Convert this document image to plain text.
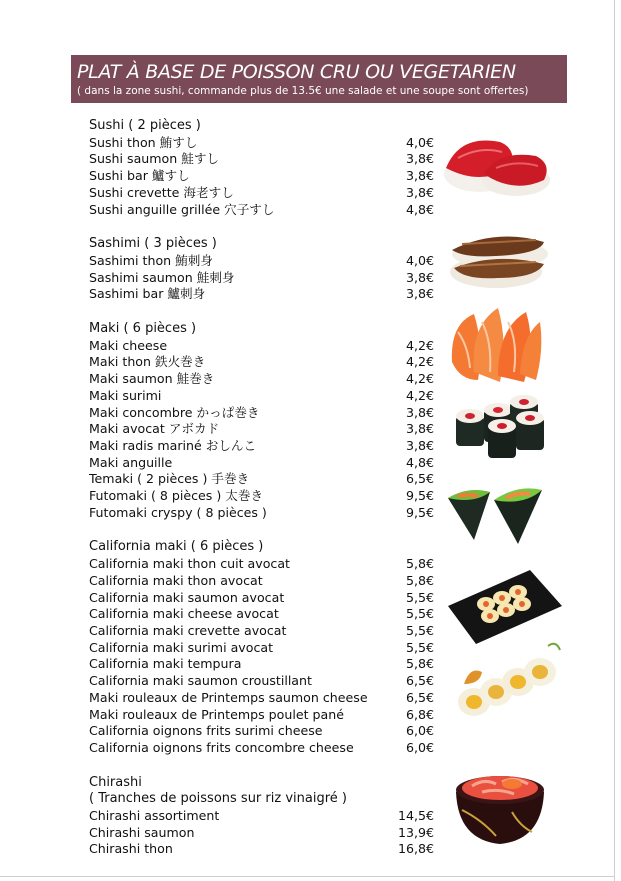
PLAT À BASE DE POISSON CRU OU VEGETARIEN
( dans la zone sushi, commande plus de 13.5€ une salade et une soupe sont offertes)
Sushi ( 2 pièces )
Sushi thon 鮪すし	4,0€
Sushi saumon 鮭すし	3,8€
Sushi bar 鱸すし	3,8€
Sushi crevette 海老すし	3,8€
Sushi anguille grillée 穴子すし	4,8€
Sashimi ( 3 pièces )
Sashimi thon 鮪刺身	4,0€
Sashimi saumon 鮭刺身	3,8€
Sashimi bar 鱸刺身	3,8€
Maki ( 6 pièces )
Maki cheese	4,2€
Maki thon 鉄火巻き	4,2€
Maki saumon 鮭巻き	4,2€
Maki surimi	4,2€
Maki concombre かっぱ巻き	3,8€
Maki avocat アボカド	3,8€
Maki radis mariné おしんこ	3,8€
Maki anguille	4,8€
Temaki ( 2 pièces ) 手巻き	6,5€
Futomaki ( 8 pièces ) 太巻き	9,5€
Futomaki cryspy ( 8 pièces )	9,5€
California maki ( 6 pièces )
California maki thon cuit avocat	5,8€
California maki thon avocat	5,8€
California maki saumon avocat	5,5€
California maki cheese avocat	5,5€
California maki crevette avocat	5,5€
California maki surimi avocat	5,5€
California maki tempura	5,8€
California maki saumon croustillant	6,5€
Maki rouleaux de Printemps saumon cheese	6,5€
Maki rouleaux de Printemps poulet pané	6,8€
California oignons frits surimi cheese	6,0€
California oignons frits concombre cheese	6,0€
Chirashi
( Tranches de poissons sur riz vinaigré )
Chirashi assortiment	14,5€
Chirashi saumon	13,9€
Chirashi thon	16,8€
